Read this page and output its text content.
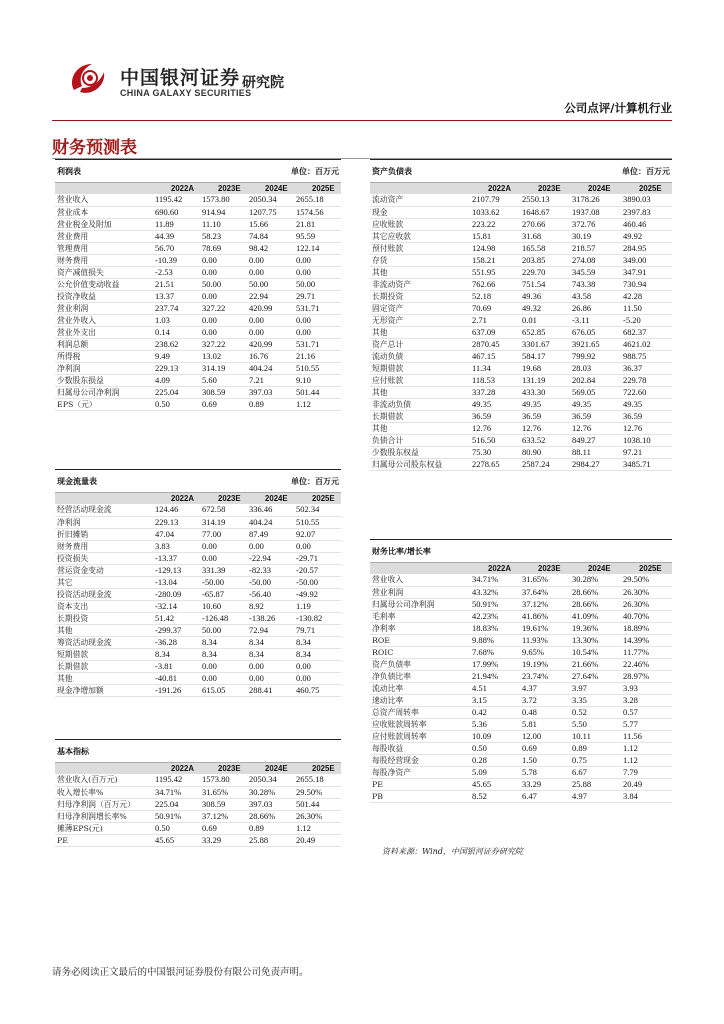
中国银河证券
CHINA GALAXY SECURITIES
研究院
公司点评/计算机行业
财务预测表
利润表			单位：百万元	
	2022A	2023E	2024E	2025E
营业收入	1195.42	1573.80	2050.34	2655.18
营业成本	690.60	914.94	1207.75	1574.56
营业税金及附加	11.89	11.10	15.66	21.81
营业费用	44.39	58.23	74.84	95.59
管理费用	56.70	78.69	98.42	122.14
财务费用	-10.39	0.00	0.00	0.00
资产减值损失	-2.53	0.00	0.00	0.00
公允价值变动收益	21.51	50.00	50.00	50.00
投资净收益	13.37	0.00	22.94	29.71
营业利润	237.74	327.22	420.99	531.71
营业外收入	1.03	0.00	0.00	0.00
营业外支出	0.14	0.00	0.00	0.00
利润总额	238.62	327.22	420.99	531.71
所得税	9.49	13.02	16.76	21.16
净利润	229.13	314.19	404.24	510.55
少数股东损益	4.09	5.60	7.21	9.10
归属母公司净利润	225.04	308.59	397.03	501.44
EPS（元）	0.50	0.69	0.89	1.12
现金流量表			单位：百万元	
	2022A	2023E	2024E	2025E
经营活动现金流	124.46	672.58	336.46	502.34
净利润	229.13	314.19	404.24	510.55
折旧摊销	47.04	77.00	87.49	92.07
财务费用	3.83	0.00	0.00	0.00
投资损失	-13.37	0.00	-22.94	-29.71
营运资金变动	-129.13	331.39	-82.33	-20.57
其它	-13.04	-50.00	-50.00	-50.00
投资活动现金流	-280.09	-65.87	-56.40	-49.92
资本支出	-32.14	10.60	8.92	1.19
长期投资	51.42	-126.48	-138.26	-130.82
其他	-299.37	50.00	72.94	79.71
筹资活动现金流	-36.28	8.34	8.34	8.34
短期借款	8.34	8.34	8.34	8.34
长期借款	-3.81	0.00	0.00	0.00
其他	-40.81	0.00	0.00	0.00
现金净增加额	-191.26	615.05	288.41	460.75
基本指标				
	2022A	2023E	2024E	2025E
营业收入(百万元)	1195.42	1573.80	2050.34	2655.18
收入增长率%	34.71%	31.65%	30.28%	29.50%
归母净利润（百万元）	225.04	308.59	397.03	501.44
归母净利润增长率%	50.91%	37.12%	28.66%	26.30%
摊薄EPS(元)	0.50	0.69	0.89	1.12
PE	45.65	33.29	25.88	20.49
资产负债表			单位：百万元	
	2022A	2023E	2024E	2025E
流动资产	2107.79	2550.13	3178.26	3890.03
现金	1033.62	1648.67	1937.08	2397.83
应收账款	223.22	270.66	372.76	460.46
其它应收款	15.81	31.68	30.19	49.92
预付账款	124.98	165.58	218.57	284.95
存货	158.21	203.85	274.08	349.00
其他	551.95	229.70	345.59	347.91
非流动资产	762.66	751.54	743.38	730.94
长期投资	52.18	49.36	43.58	42.28
固定资产	70.69	49.32	26.86	11.50
无形资产	2.71	0.01	-3.11	-5.20
其他	637.09	652.85	676.05	682.37
资产总计	2870.45	3301.67	3921.65	4621.02
流动负债	467.15	584.17	799.92	988.75
短期借款	11.34	19.68	28.03	36.37
应付账款	118.53	131.19	202.84	229.78
其他	337.28	433.30	569.05	722.60
非流动负债	49.35	49.35	49.35	49.35
长期借款	36.59	36.59	36.59	36.59
其他	12.76	12.76	12.76	12.76
负债合计	516.50	633.52	849.27	1038.10
少数股东权益	75.30	80.90	88.11	97.21
归属母公司股东权益	2278.65	2587.24	2984.27	3485.71
财务比率/增长率				
	2022A	2023E	2024E	2025E
营业收入	34.71%	31.65%	30.28%	29.50%
营业利润	43.32%	37.64%	28.66%	26.30%
归属母公司净利润	50.91%	37.12%	28.66%	26.30%
毛利率	42.23%	41.86%	41.09%	40.70%
净利率	18.83%	19.61%	19.36%	18.89%
ROE	9.88%	11.93%	13.30%	14.39%
ROIC	7.68%	9.65%	10.54%	11.77%
资产负债率	17.99%	19.19%	21.66%	22.46%
净负债比率	21.94%	23.74%	27.64%	28.97%
流动比率	4.51	4.37	3.97	3.93
速动比率	3.15	3.72	3.35	3.28
总资产周转率	0.42	0.48	0.52	0.57
应收账款周转率	5.36	5.81	5.50	5.77
应付账款周转率	10.09	12.00	10.11	11.56
每股收益	0.50	0.69	0.89	1.12
每股经营现金	0.28	1.50	0.75	1.12
每股净资产	5.09	5.78	6.67	7.79
PE	45.65	33.29	25.88	20.49
PB	8.52	6.47	4.97	3.84
资料来源：Wind，中国银河证券研究院
请务必阅读正文最后的中国银河证券股份有限公司免责声明。
